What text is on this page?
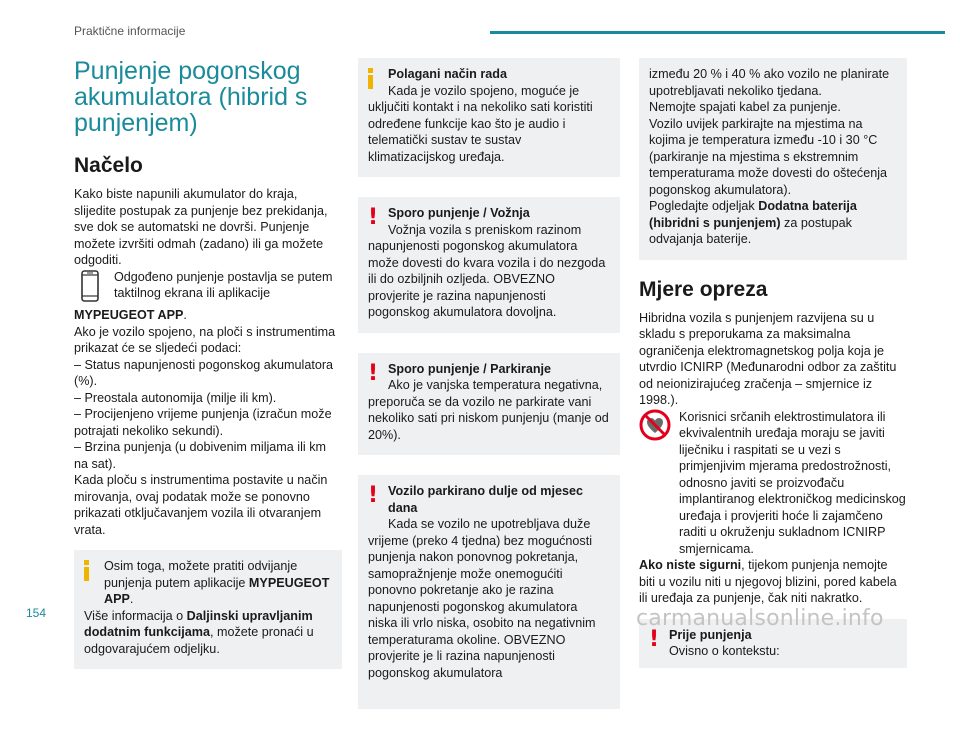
Praktične informacije
Punjenje pogonskog akumulatora (hibrid s punjenjem)
Načelo

Kako biste napunili akumulator do kraja, slijedite postupak za punjenje bez prekidanja, sve dok se automatski ne dovrši. Punjenje možete izvršiti odmah (zadano) ili ga možete odgoditi.

Odgođeno punjenje postavlja se putem taktilnog ekrana ili aplikacije

MYPEUGEOT APP.

Ako je vozilo spojeno, na ploči s instrumentima prikazat će se sljedeći podaci:

– Status napunjenosti pogonskog akumulatora (%).

– Preostala autonomija (milje ili km).

– Procijenjeno vrijeme punjenja (izračun može potrajati nekoliko sekundi).

– Brzina punjenja (u dobivenim miljama ili km na sat).

Kada ploču s instrumentima postavite u način mirovanja, ovaj podatak može se ponovno prikazati otključavanjem vozila ili otvaranjem vrata.

Osim toga, možete pratiti odvijanje punjenja putem aplikacije MYPEUGEOT APP.

Više informacija o Daljinski upravljanim dodatnim funkcijama, možete pronaći u odgovarajućem odjeljku.

Polagani način rada

Kada je vozilo spojeno, moguće je uključiti kontakt i na nekoliko sati koristiti određene funkcije kao što je audio i telematički sustav te sustav klimatizacijskog uređaja.

! Sporo punjenje / Vožnja

Vožnja vozila s preniskom razinom napunjenosti pogonskog akumulatora može dovesti do kvara vozila i do nezgoda ili do ozbiljnih ozljeda. OBVEZNO provjerite je razina napunjenosti pogonskog akumulatora dovoljna.

! Sporo punjenje / Parkiranje

Ako je vanjska temperatura negativna, preporuča se da vozilo ne parkirate vani nekoliko sati pri niskom punjenju (manje od 20%).

! Vozilo parkirano dulje od mjesec dana

Kada se vozilo ne upotrebljava duže vrijeme (preko 4 tjedna) bez mogućnosti punjenja nakon ponovnog pokretanja, samopražnjenje može onemogućiti ponovno pokretanje ako je razina napunjenosti pogonskog akumulatora niska ili vrlo niska, osobito na negativnim temperaturama okoline. OBVEZNO provjerite je li razina napunjenosti pogonskog akumulatora

između 20 % i 40 % ako vozilo ne planirate upotrebljavati nekoliko tjedana.

Nemojte spajati kabel za punjenje.

Vozilo uvijek parkirajte na mjestima na kojima je temperatura između -10 i 30 °C (parkiranje na mjestima s ekstremnim temperaturama može dovesti do oštećenja pogonskog akumulatora).

Pogledajte odjeljak Dodatna baterija (hibridni s punjenjem) za postupak odvajanja baterije.

Mjere opreza

Hibridna vozila s punjenjem razvijena su u skladu s preporukama za maksimalna ograničenja elektromagnetskog polja koja je utvrdio ICNIRP (Međunarodni odbor za zaštitu od neionizirajućeg zračenja – smjernice iz 1998.).

Korisnici srčanih elektrostimulatora ili ekvivalentnih uređaja moraju se javiti liječniku i raspitati se u vezi s primjenjivim mjerama predostrožnosti, odnosno javiti se proizvođaču implantiranog elektroničkog medicinskog uređaja i provjeriti hoće li zajamčeno raditi u okruženju sukladnom ICNIRP smjernicama.

Ako niste sigurni, tijekom punjenja nemojte biti u vozilu niti u njegovoj blizini, pored kabela ili uređaja za punjenje, čak niti nakratko.

! Prije punjenja

Ovisno o kontekstu:

154	carmanualsonline.info
